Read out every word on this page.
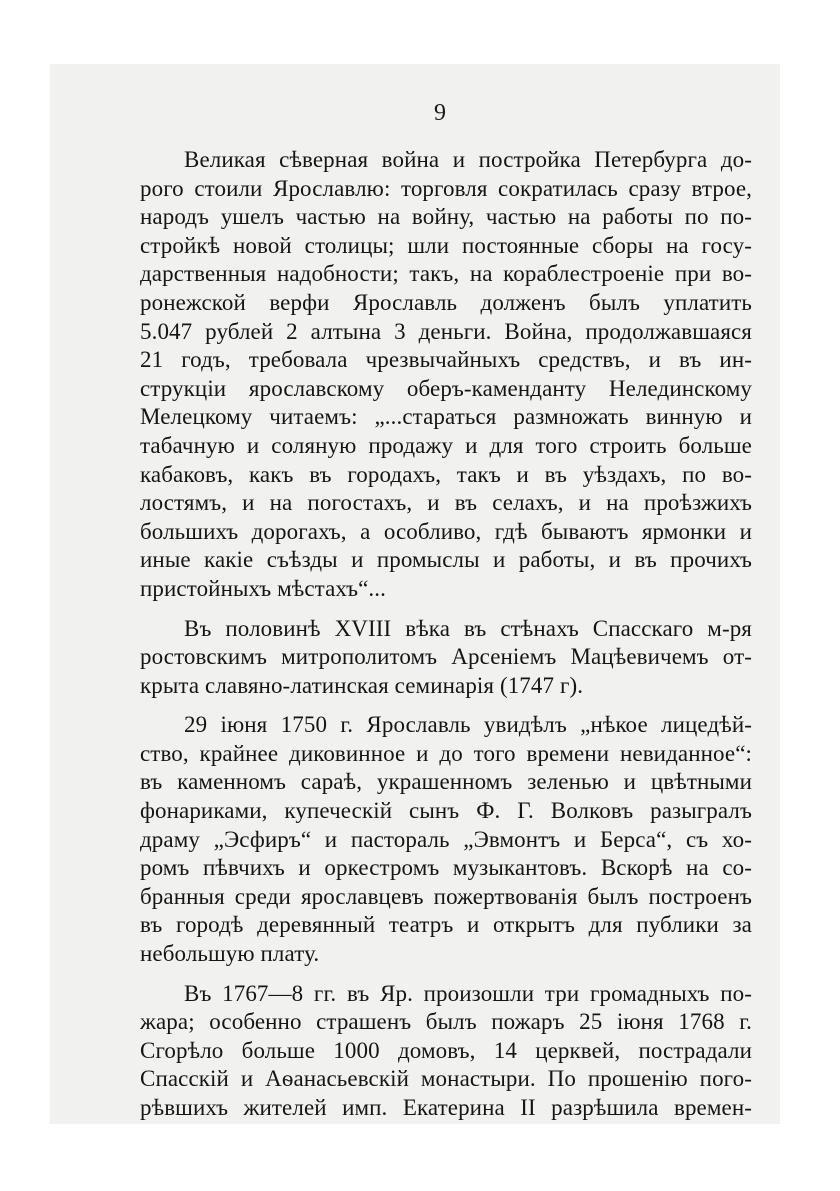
9
Великая сѣверная война и постройка Петербурга до-
рого стоили Ярославлю: торговля сократилась сразу втрое,
народъ ушелъ частью на войну, частью на работы по по-
стройкѣ новой столицы; шли постоянные сборы на госу-
дарственныя надобности; такъ, на кораблестроеніе при во-
ронежской верфи Ярославль долженъ былъ уплатить
5.047 рублей 2 алтына 3 деньги. Война, продолжавшаяся
21 годъ, требовала чрезвычайныхъ средствъ, и въ ин-
струкціи ярославскому оберъ-каменданту Нелединскому
Мелецкому читаемъ: „...стараться размножать винную и
табачную и соляную продажу и для того строить больше
кабаковъ, какъ въ городахъ, такъ и въ уѣздахъ, по во-
лостямъ, и на погостахъ, и въ селахъ, и на проѣзжихъ
большихъ дорогахъ, а особливо, гдѣ бываютъ ярмонки и
иные какіе съѣзды и промыслы и работы, и въ прочихъ
пристойныхъ мѣстахъ“...
Въ половинѣ XVIII вѣка въ стѣнахъ Спасскаго м-ря
ростовскимъ митрополитомъ Арсеніемъ Мацѣевичемъ от-
крыта славяно-латинская семинарія (1747 г).
29 іюня 1750 г. Ярославль увидѣлъ „нѣкое лицедѣй-
ство, крайнее диковинное и до того времени невиданное“:
въ каменномъ сараѣ, украшенномъ зеленью и цвѣтными
фонариками, купеческій сынъ Ф. Г. Волковъ разыгралъ
драму „Эсфиръ“ и пастораль „Эвмонтъ и Берса“, съ хо-
ромъ пѣвчихъ и оркестромъ музыкантовъ. Вскорѣ на со-
бранныя среди ярославцевъ пожертвованія былъ построенъ
въ городѣ деревянный театръ и открытъ для публики за
небольшую плату.
Въ 1767—8 гг. въ Яр. произошли три громадныхъ по-
жара; особенно страшенъ былъ пожаръ 25 іюня 1768 г.
Сгорѣло больше 1000 домовъ, 14 церквей, пострадали
Спасскій и Аѳанасьевскій монастыри. По прошенію пого-
рѣвшихъ жителей имп. Екатерина II разрѣшила времен-
